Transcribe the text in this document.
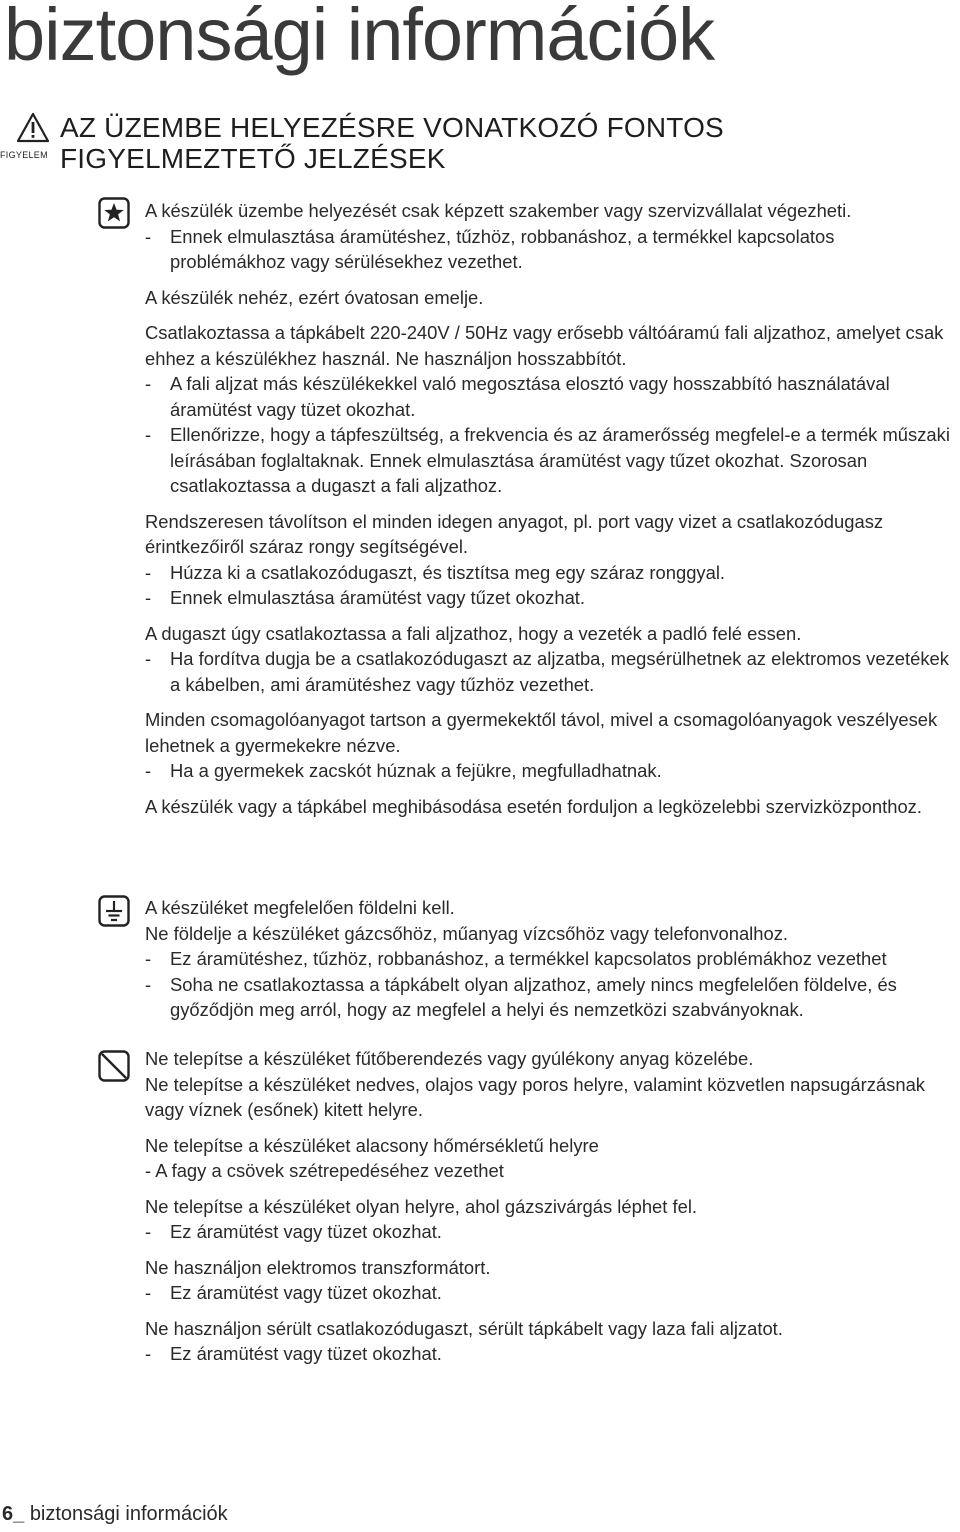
biztonsági információk
FIGYELEM
AZ ÜZEMBE HELYEZÉSRE VONATKOZÓ FONTOS
FIGYELMEZTETŐ JELZÉSEK

A készülék üzembe helyezését csak képzett szakember vagy szervizvállalat végezheti.

- Ennek elmulasztása áramütéshez, tűzhöz, robbanáshoz, a termékkel kapcsolatos problémákhoz vagy sérülésekhez vezethet.

A készülék nehéz, ezért óvatosan emelje.

Csatlakoztassa a tápkábelt 220-240V / 50Hz vagy erősebb váltóáramú fali aljzathoz, amelyet csak ehhez a készülékhez használ. Ne használjon hosszabbítót.

- A fali aljzat más készülékekkel való megosztása elosztó vagy hosszabbító használatával áramütést vagy tüzet okozhat.
- Ellenőrizze, hogy a tápfeszültség, a frekvencia és az áramerősség megfelel-e a termék műszaki leírásában foglaltaknak. Ennek elmulasztása áramütést vagy tűzet okozhat. Szorosan csatlakoztassa a dugaszt a fali aljzathoz.

Rendszeresen távolítson el minden idegen anyagot, pl. port vagy vizet a csatlakozódugasz érintkezőiről száraz rongy segítségével.

- Húzza ki a csatlakozódugaszt, és tisztítsa meg egy száraz ronggyal.
- Ennek elmulasztása áramütést vagy tűzet okozhat.

A dugaszt úgy csatlakoztassa a fali aljzathoz, hogy a vezeték a padló felé essen.

- Ha fordítva dugja be a csatlakozódugaszt az aljzatba, megsérülhetnek az elektromos vezetékek a kábelben, ami áramütéshez vagy tűzhöz vezethet.

Minden csomagolóanyagot tartson a gyermekektől távol, mivel a csomagolóanyagok veszélyesek lehetnek a gyermekekre nézve.

- Ha a gyermekek zacskót húznak a fejükre, megfulladhatnak.

A készülék vagy a tápkábel meghibásodása esetén forduljon a legközelebbi szervizközponthoz.

A készüléket megfelelően földelni kell.

Ne földelje a készüléket gázcsőhöz, műanyag vízcsőhöz vagy telefonvonalhoz.

- Ez áramütéshez, tűzhöz, robbanáshoz, a termékkel kapcsolatos problémákhoz vezethet
- Soha ne csatlakoztassa a tápkábelt olyan aljzathoz, amely nincs megfelelően földelve, és győződjön meg arról, hogy az megfelel a helyi és nemzetközi szabványoknak.

Ne telepítse a készüléket fűtőberendezés vagy gyúlékony anyag közelébe.

Ne telepítse a készüléket nedves, olajos vagy poros helyre, valamint közvetlen napsugárzásnak vagy víznek (esőnek) kitett helyre.

Ne telepítse a készüléket alacsony hőmérsékletű helyre

- A fagy a csövek szétrepedéséhez vezethet

Ne telepítse a készüléket olyan helyre, ahol gázszivárgás léphet fel.

- Ez áramütést vagy tüzet okozhat.

Ne használjon elektromos transzformátort.

- Ez áramütést vagy tüzet okozhat.

Ne használjon sérült csatlakozódugaszt, sérült tápkábelt vagy laza fali aljzatot.

- Ez áramütést vagy tüzet okozhat.
6_ biztonsági információk
